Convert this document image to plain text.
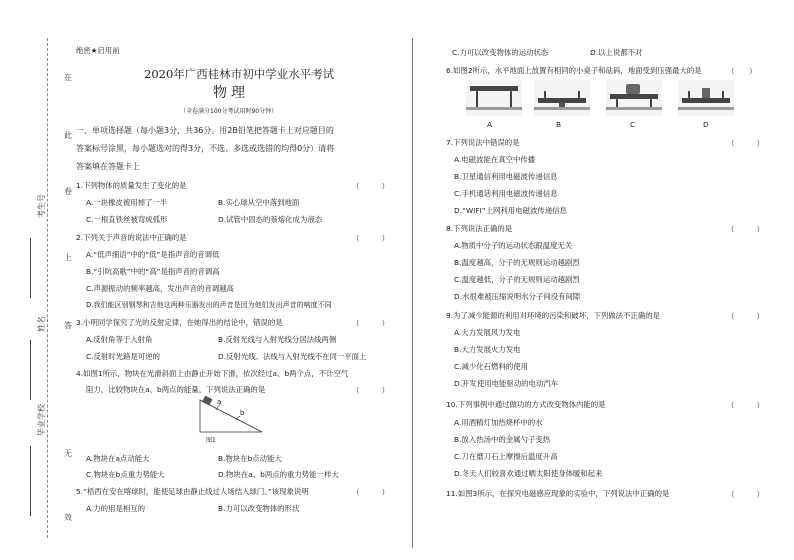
在
此
卷
上
答
无
效
考生号
姓名
毕业学校
绝密★启用前
2020年广西桂林市初中学业水平考试
物理
（全卷满分100分考试用时90分钟）
一、单项选择题（每小题3分，共36分。用2B铅笔把答题卡上对应题目的
答案标号涂黑，每小题选对的得3分，不选、多选或选错的均得0分）请将
答案填在答题卡上
1.下列物体的质量发生了变化的是	（　　　）
A.一块橡皮被用掉了一半	B.实心球从空中落到地面
C.一根直铁丝被弯成弧形	D.试管中固态的萘熔化成为液态
2.下列关于声音的说法中正确的是	（　　　）
A.“低声细语”中的“低”是指声音的音调低
B.“引吭高歌”中的“高”是指声音的音调高
C.声源振动的频率越高，发出声音的音调越高
D.我们能区别钢琴和吉他这两种乐器发出的声音是因为他们发出声音的响度不同
3.小明同学探究了光的反射定律，在她得出的结论中，错误的是	（　　　）
A.反射角等于入射角	B.反射光线与入射光线分居法线两侧
C.反射时光路是可逆的	D.反射光线、法线与入射光线不在同一平面上
4.如图1所示，物块在光滑斜面上由静止开始下滑，依次经过a、b两个点，不计空气
阻力，比较物块在a、b两点的能量，下列说法正确的是	（　　　）
a
b
图1
A.物块在a点动能大	B.物块在b点动能大
C.物块在b点重力势能大	D.物块在a、b两点的重力势能一样大
5.“梧西在安在喀球时，能使足球由静止线过人场结入球门。”该现象说明	（　　　）
A.力的用是相互的	B.力可以改变物体的形状
C.力可以改变物体的运动状态	D.以上说都不对
6.如图2所示，水平地面上放置有相同的小桌子和砝码，地面受到压强最大的是	（　　）
A	B	C	D
7.下列说法中错误的是	（　　　）
A.电磁波能在真空中传播
B.卫星通信利用电磁波传递信息
C.手机通话利用电磁波传递信息
D.“WIFI”上网利用电磁波传递信息
8.下列说法正确的是	（　　　）
A.物质中分子的运动状态跟温度无关
B.温度越高，分子的无规则运动越剧烈
C.温度越低，分子的无规则运动越剧烈
D.水很难被压缩说明水分子间没有间隙
9.为了减少能源的利用对环境的污染和破坏，下列做法不正确的是	（　　　）
A.大力发展风力发电
B.大力发展火力发电
C.减少化石燃料的使用
D.开发使用电能驱动的电动汽车
10.下列事例中通过做功的方式改变物体内能的是	（　　　）
A.用酒精灯加热烧杯中的水
B.放入热汤中的金属勺子变热
C.刀在磨刀石上摩擦后温度升高
D.冬天人们较喜欢通过晒太阳使身体暖和起来
11.如图3所示，在探究电磁感应现象的实验中，下列说法中正确的是	（　　　）
